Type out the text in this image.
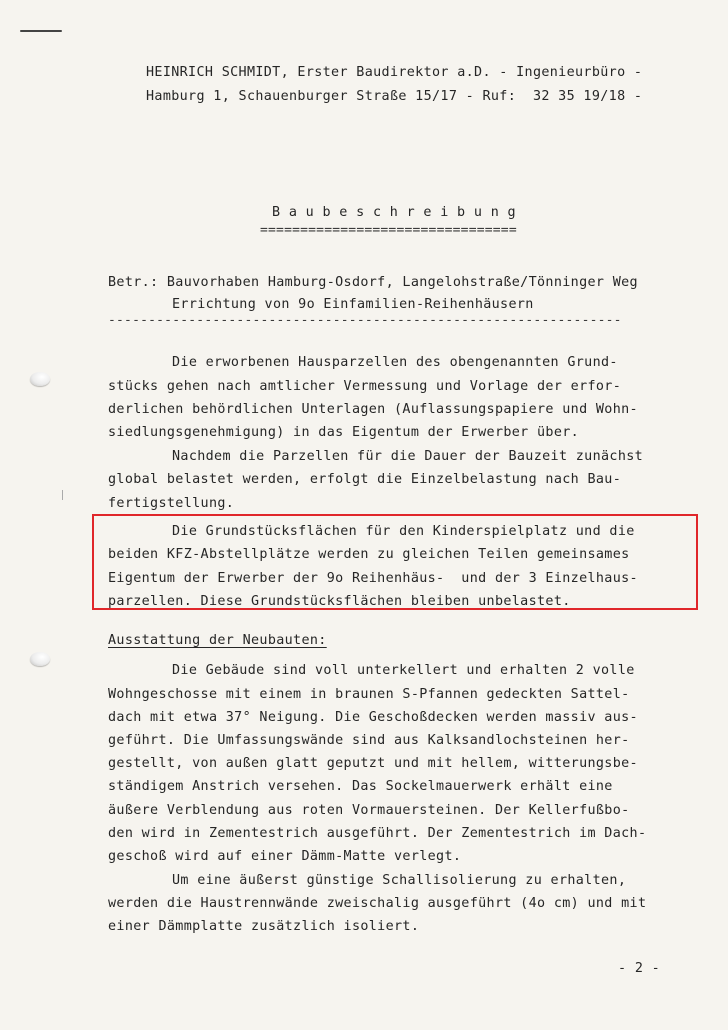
HEINRICH SCHMIDT, Erster Baudirektor a.D. - Ingenieurbüro -
Hamburg 1, Schauenburger Straße 15/17 - Ruf:  32 35 19/18 -
B a u b e s c h r e i b u n g
================================
Betr.: Bauvorhaben Hamburg-Osdorf, Langelohstraße/Tönninger Weg
Errichtung von 9o Einfamilien-Reihenhäusern
----------------------------------------------------------------
Die erworbenen Hausparzellen des obengenannten Grund-
stücks gehen nach amtlicher Vermessung und Vorlage der erfor-
derlichen behördlichen Unterlagen (Auflassungspapiere und Wohn-
siedlungsgenehmigung) in das Eigentum der Erwerber über.
Nachdem die Parzellen für die Dauer der Bauzeit zunächst
global belastet werden, erfolgt die Einzelbelastung nach Bau-
fertigstellung.
Die Grundstücksflächen für den Kinderspielplatz und die
beiden KFZ-Abstellplätze werden zu gleichen Teilen gemeinsames
Eigentum der Erwerber der 9o Reihenhäus-  und der 3 Einzelhaus-
parzellen. Diese Grundstücksflächen bleiben unbelastet.
Ausstattung der Neubauten:
Die Gebäude sind voll unterkellert und erhalten 2 volle
Wohngeschosse mit einem in braunen S-Pfannen gedeckten Sattel-
dach mit etwa 37° Neigung. Die Geschoßdecken werden massiv aus-
geführt. Die Umfassungswände sind aus Kalksandlochsteinen her-
gestellt, von außen glatt geputzt und mit hellem, witterungsbe-
ständigem Anstrich versehen. Das Sockelmauerwerk erhält eine
äußere Verblendung aus roten Vormauersteinen. Der Kellerfußbo-
den wird in Zementestrich ausgeführt. Der Zementestrich im Dach-
geschoß wird auf einer Dämm-Matte verlegt.
Um eine äußerst günstige Schallisolierung zu erhalten,
werden die Haustrennwände zweischalig ausgeführt (4o cm) und mit
einer Dämmplatte zusätzlich isoliert.
- 2 -
